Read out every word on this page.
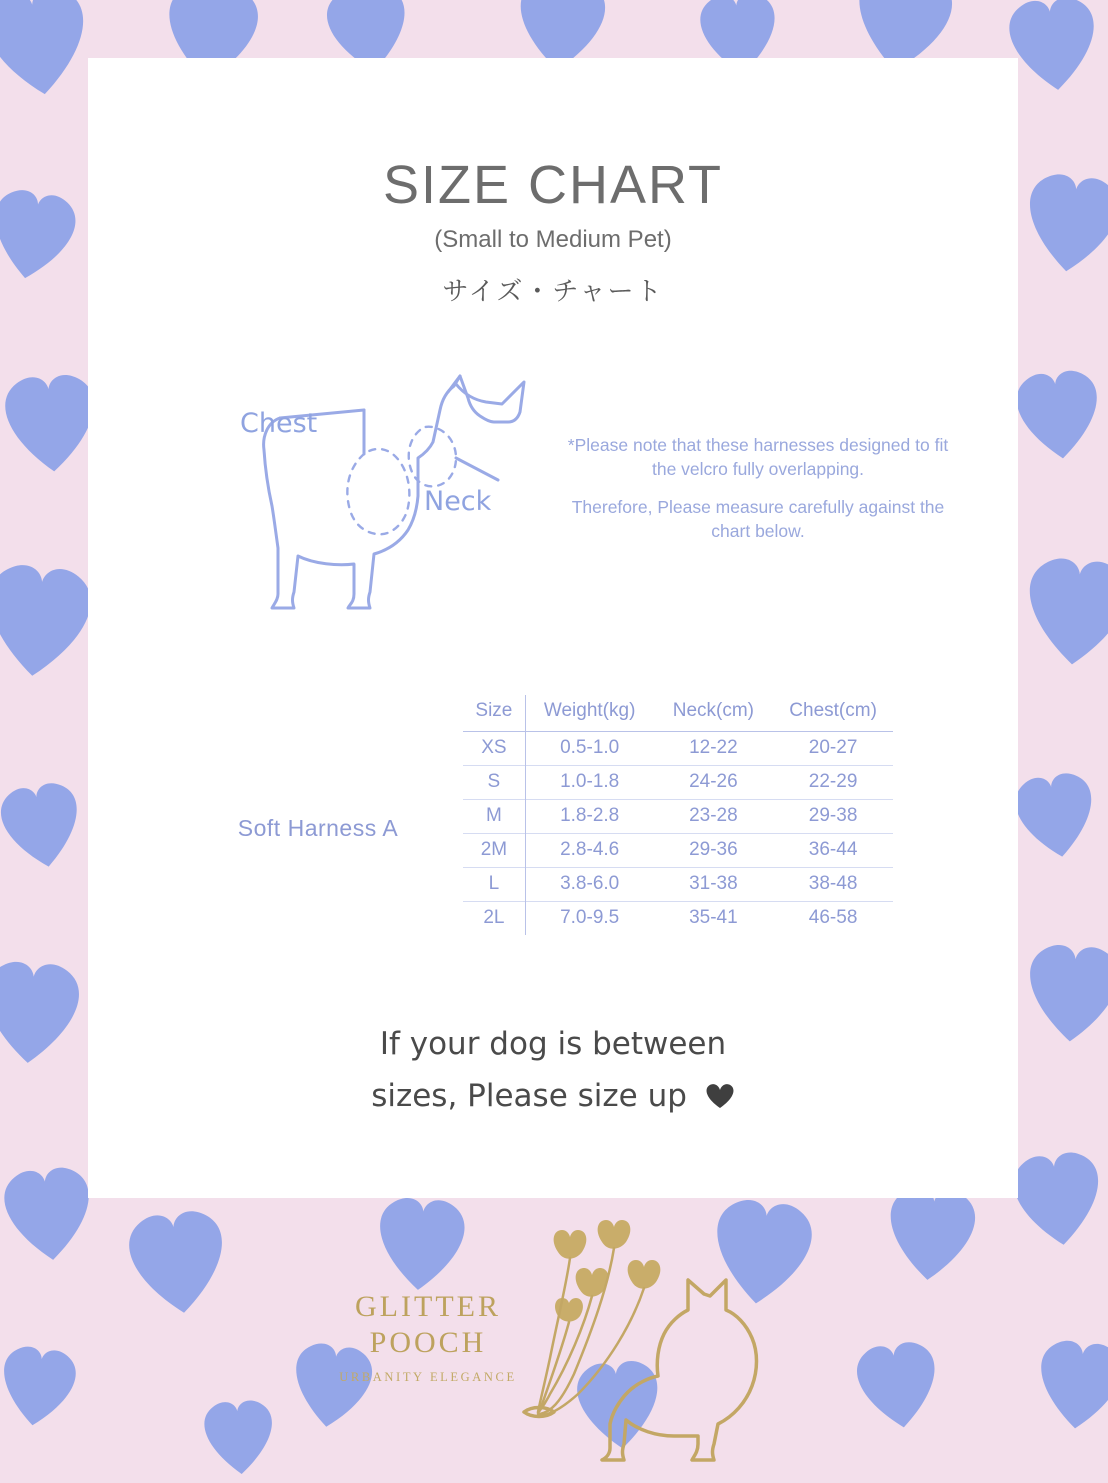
SIZE CHART
(Small to Medium Pet)
サイズ・チャート
Chest
Neck
*Please note that these harnesses designed to fit the velcro fully overlapping.
Therefore, Please measure carefully against the chart below.
Soft Harness A
Size	Weight(kg)	Neck(cm)	Chest(cm)
XS	0.5-1.0	12-22	20-27
S	1.0-1.8	24-26	22-29
M	1.8-2.8	23-28	29-38
2M	2.8-4.6	29-36	36-44
L	3.8-6.0	31-38	38-48
2L	7.0-9.5	35-41	46-58
If your dog is between
sizes, Please size up
GLITTER
POOCH
URBANITY ELEGANCE
